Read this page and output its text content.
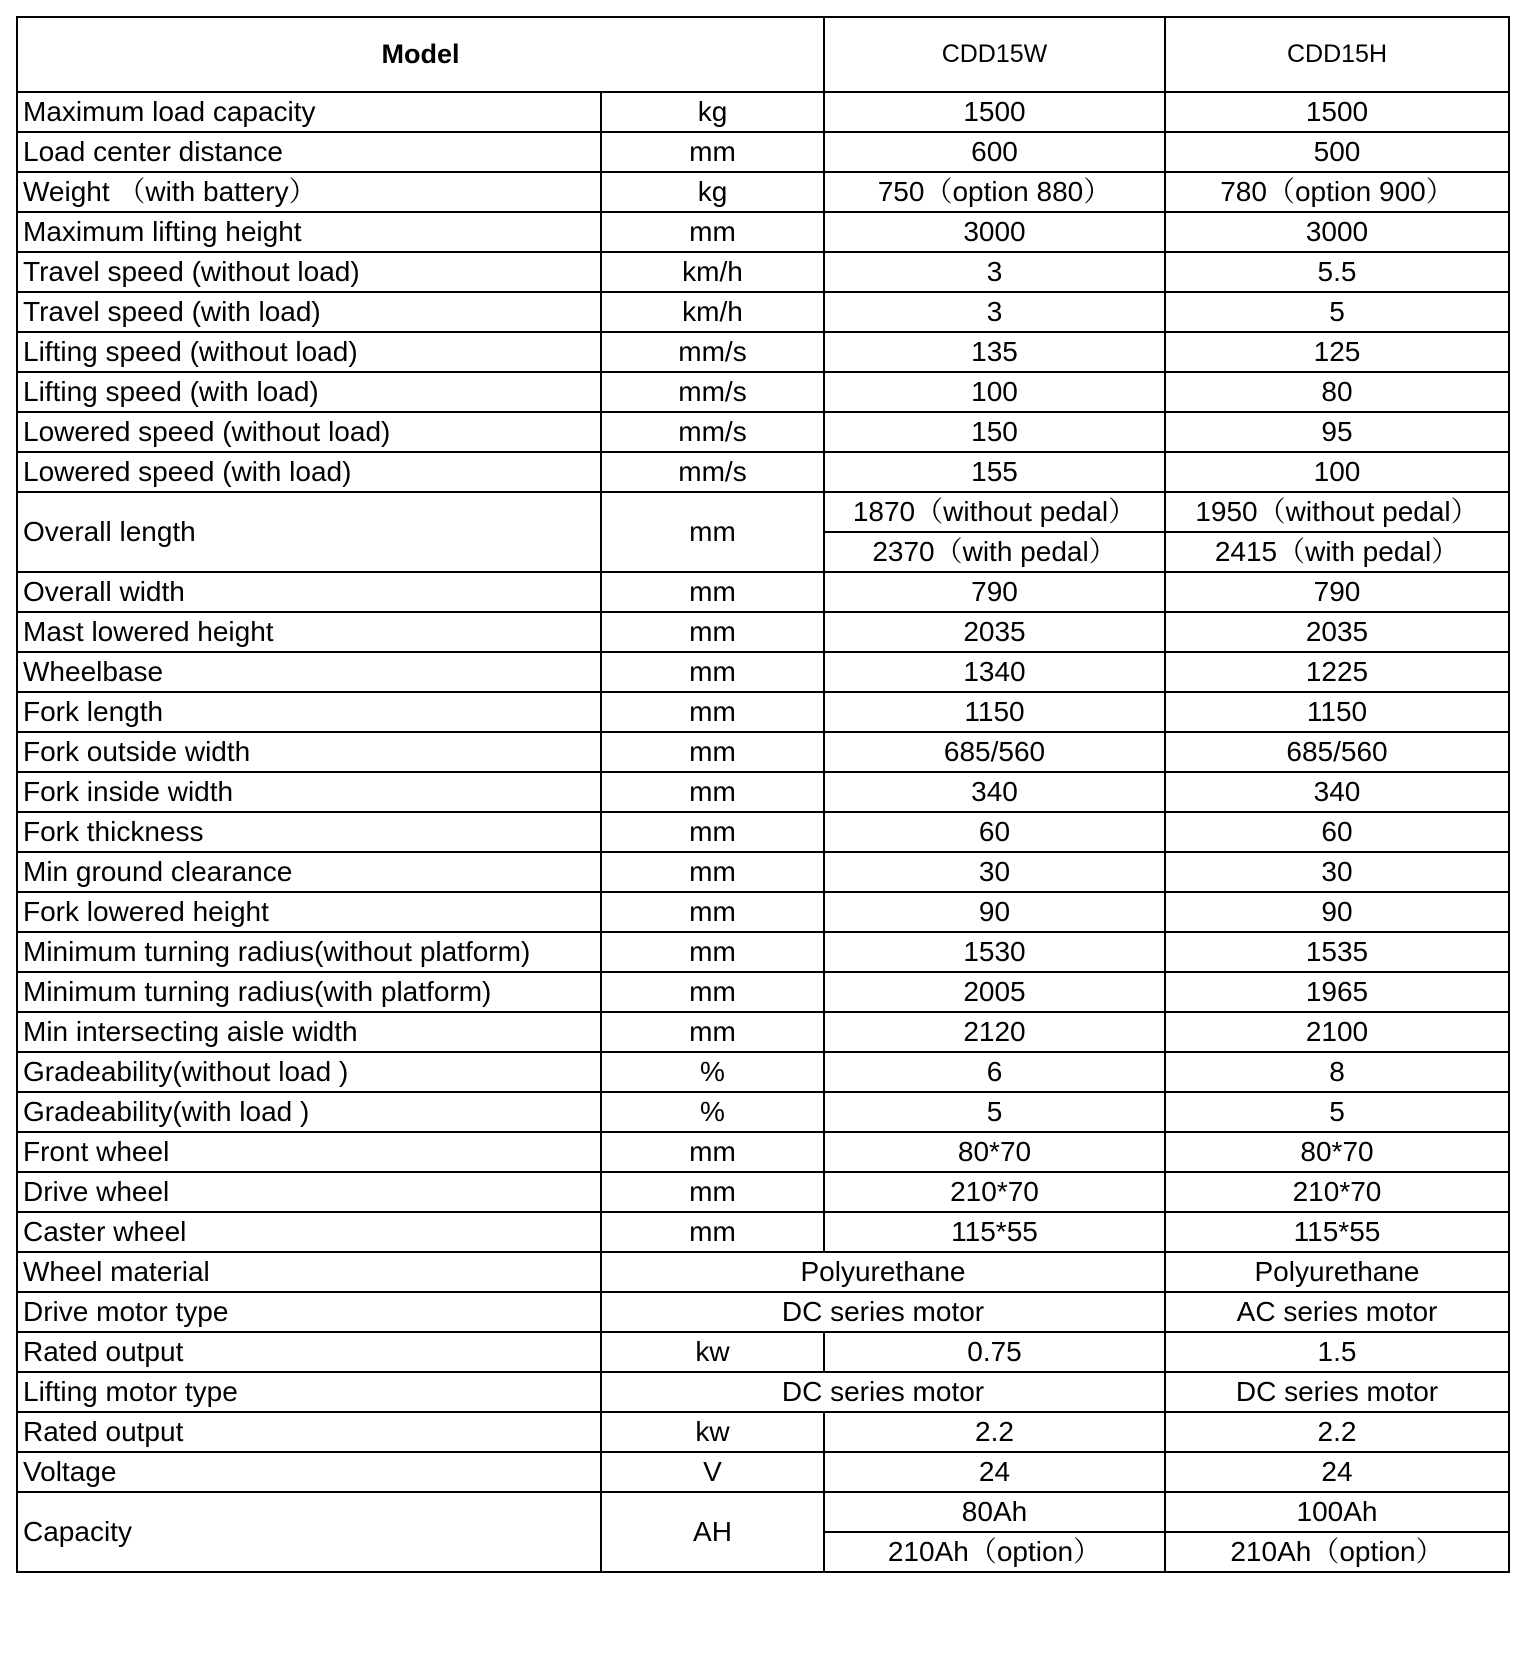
Model		CDD15W	CDD15H
Maximum load capacity	kg	1500	1500
Load center distance	mm	600	500
Weight （with battery）	kg	750（option 880）	780（option 900）
Maximum lifting height	mm	3000	3000
Travel speed (without load)	km/h	3	5.5
Travel speed (with load)	km/h	3	5
Lifting speed (without load)	mm/s	135	125
Lifting speed (with load)	mm/s	100	80
Lowered speed (without load)	mm/s	150	95
Lowered speed (with load)	mm/s	155	100
Overall length	mm	1870（without pedal）	1950（without pedal）
		2370（with pedal）	2415（with pedal）
Overall width	mm	790	790
Mast lowered height	mm	2035	2035
Wheelbase	mm	1340	1225
Fork length	mm	1150	1150
Fork outside width	mm	685/560	685/560
Fork inside width	mm	340	340
Fork thickness	mm	60	60
Min ground clearance	mm	30	30
Fork lowered height	mm	90	90
Minimum turning radius(without platform)	mm	1530	1535
Minimum turning radius(with platform)	mm	2005	1965
Min intersecting aisle width	mm	2120	2100
Gradeability(without load )	%	6	8
Gradeability(with load )	%	5	5
Front wheel	mm	80*70	80*70
Drive wheel	mm	210*70	210*70
Caster wheel	mm	115*55	115*55
Wheel material	Polyurethane		Polyurethane
Drive motor type	DC series motor		AC series motor
Rated output	kw	0.75	1.5
Lifting motor type	DC series motor		DC series motor
Rated output	kw	2.2	2.2
Voltage	V	24	24
Capacity	AH	80Ah	100Ah
		210Ah（option）	210Ah（option）
